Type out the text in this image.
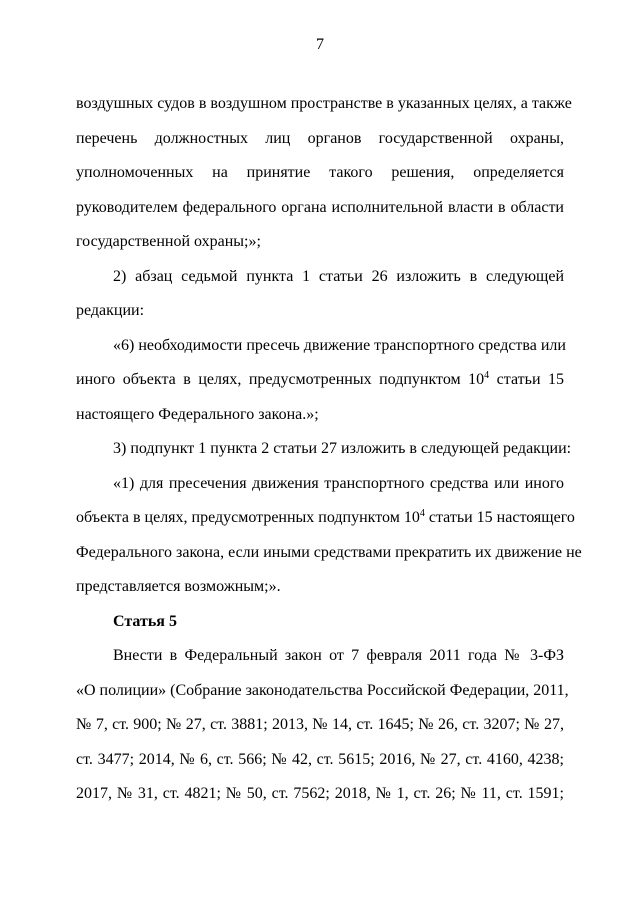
7
воздушных судов в воздушном пространстве в указанных целях, а также
перечень должностных лиц органов государственной охраны,
уполномоченных на принятие такого решения, определяется
руководителем федерального органа исполнительной власти в области
государственной охраны;»;
2) абзац седьмой пункта 1 статьи 26 изложить в следующей
редакции:
«6) необходимости пресечь движение транспортного средства или
иного объекта в целях, предусмотренных подпунктом $10^4$ статьи 15
настоящего Федерального закона.»;
3) подпункт 1 пункта 2 статьи 27 изложить в следующей редакции:
«1) для пресечения движения транспортного средства или иного
объекта в целях, предусмотренных подпунктом $10^4$ статьи 15 настоящего
Федерального закона, если иными средствами прекратить их движение не
представляется возможным;».
Статья 5
Внести в Федеральный закон от 7 февраля 2011 года № 3-ФЗ
«О полиции» (Собрание законодательства Российской Федерации, 2011,
№ 7, ст. 900; № 27, ст. 3881; 2013, № 14, ст. 1645; № 26, ст. 3207; № 27,
ст. 3477; 2014, № 6, ст. 566; № 42, ст. 5615; 2016, № 27, ст. 4160, 4238;
2017, № 31, ст. 4821; № 50, ст. 7562; 2018, № 1, ст. 26; № 11, ст. 1591;
